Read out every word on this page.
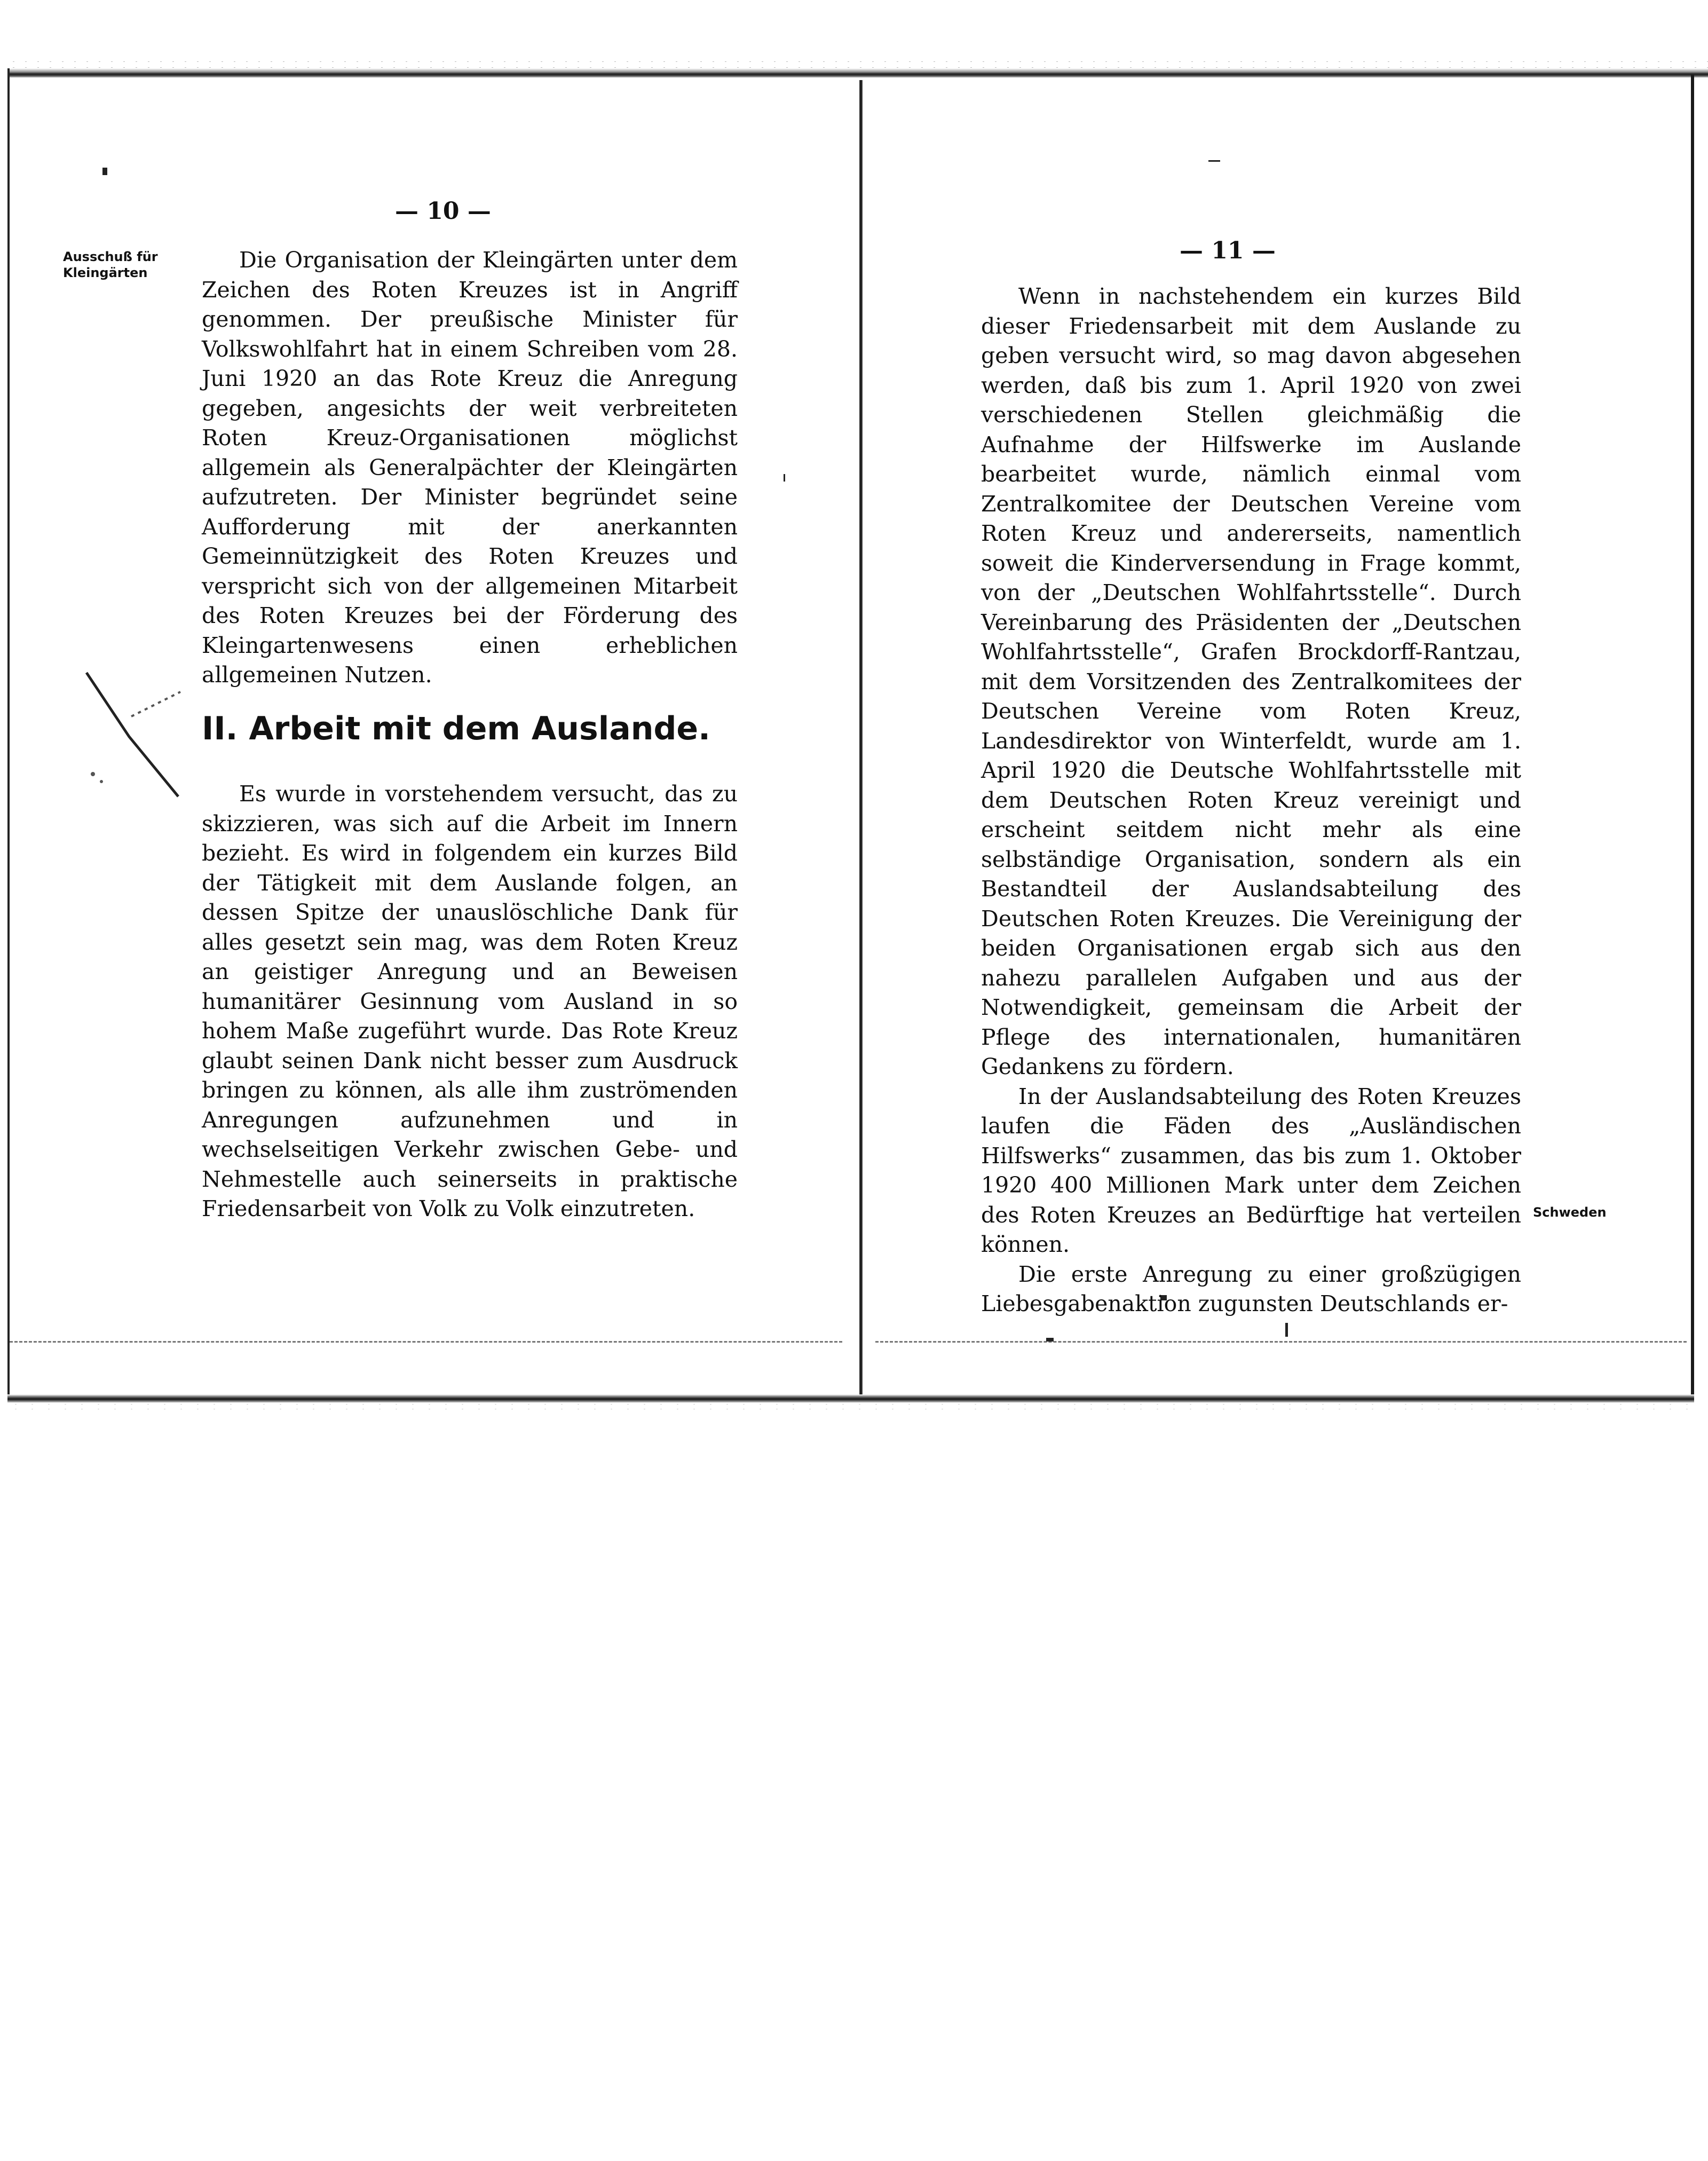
— 10 —
Ausschuß für
Kleingärten	Die Organisation der Kleingärten unter dem Zeichen des Roten Kreuzes ist in Angriff genommen. Der preußische Minister für Volkswohlfahrt hat in einem Schreiben vom 28. Juni 1920 an das Rote Kreuz die Anregung gegeben, angesichts der weit verbreiteten Roten Kreuz-Organisationen möglichst allgemein als Generalpächter der Kleingärten aufzutreten. Der Minister begründet seine Aufforderung mit der anerkannten Gemeinnützigkeit des Roten Kreuzes und verspricht sich von der allgemeinen Mitarbeit des Roten Kreuzes bei der Förderung des Kleingartenwesens einen erheblichen allgemeinen Nutzen.

II. Arbeit mit dem Auslande.

Es wurde in vorstehendem versucht, das zu skizzieren, was sich auf die Arbeit im Innern bezieht. Es wird in folgendem ein kurzes Bild der Tätigkeit mit dem Auslande folgen, an dessen Spitze der unauslöschliche Dank für alles gesetzt sein mag, was dem Roten Kreuz an geistiger Anregung und an Beweisen humanitärer Gesinnung vom Ausland in so hohem Maße zugeführt wurde. Das Rote Kreuz glaubt seinen Dank nicht besser zum Ausdruck bringen zu können, als alle ihm zuströmenden Anregungen aufzunehmen und in wechselseitigen Verkehr zwischen Gebe- und Nehmestelle auch seinerseits in praktische Friedensarbeit von Volk zu Volk einzutreten.

— 11 —

Wenn in nachstehendem ein kurzes Bild dieser Friedensarbeit mit dem Auslande zu geben versucht wird, so mag davon abgesehen werden, daß bis zum 1. April 1920 von zwei verschiedenen Stellen gleichmäßig die Aufnahme der Hilfswerke im Auslande bearbeitet wurde, nämlich einmal vom Zentralkomitee der Deutschen Vereine vom Roten Kreuz und andererseits, namentlich soweit die Kinderversendung in Frage kommt, von der „Deutschen Wohlfahrtsstelle“. Durch Vereinbarung des Präsidenten der „Deutschen Wohlfahrtsstelle“, Grafen Brockdorff-Rantzau, mit dem Vorsitzenden des Zentralkomitees der Deutschen Vereine vom Roten Kreuz, Landesdirektor von Winterfeldt, wurde am 1. April 1920 die Deutsche Wohlfahrtsstelle mit dem Deutschen Roten Kreuz vereinigt und erscheint seitdem nicht mehr als eine selbständige Organisation, sondern als ein Bestandteil der Auslandsabteilung des Deutschen Roten Kreuzes. Die Vereinigung der beiden Organisationen ergab sich aus den nahezu parallelen Aufgaben und aus der Notwendigkeit, gemeinsam die Arbeit der Pflege des internationalen, humanitären Gedankens zu fördern.

In der Auslandsabteilung des Roten Kreuzes laufen die Fäden des „Ausländischen Hilfswerks“ zusammen, das bis zum 1. Oktober 1920 400 Millionen Mark unter dem Zeichen des Roten Kreuzes an Bedürftige hat verteilen können.

Die erste Anregung zu einer großzügigen Liebesgabenaktion zugunsten Deutschlands er-

Schweden
